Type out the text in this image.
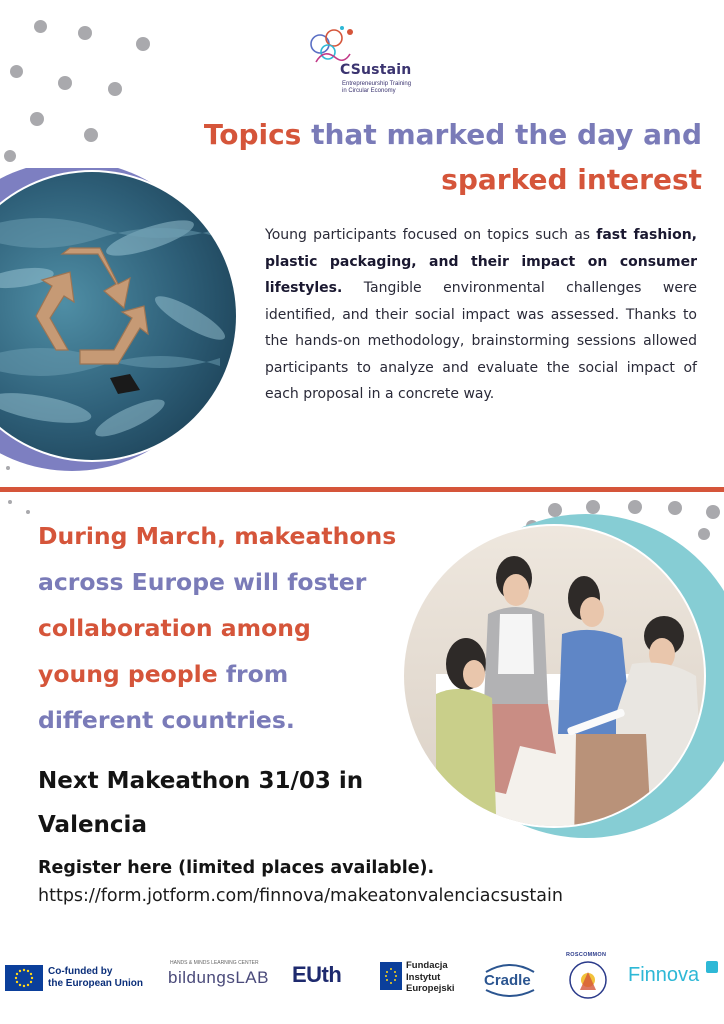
CSustain
Entrepreneurship Training
in Circular Economy
Topics that marked the day and
sparked interest
Young participants focused on topics such as fast fashion, plastic packaging, and their impact on consumer lifestyles. Tangible environmental challenges were identified, and their social impact was assessed. Thanks to the hands-on methodology, brainstorming sessions allowed participants to analyze and evaluate the social impact of each proposal in a concrete way.
During March, makeathons
across Europe will foster
collaboration among
young people from
different countries.
Next Makeathon 31/03 in
Valencia
Register here (limited places available).
https://form.jotform.com/finnova/makeatonvalenciacsustain
Co-funded by
the European Union
HANDS & MINDS LEARNING CENTER
bildungsLAB EUth	Fundacja
Instytut
Europejski Cradle
ROSCOMMON
Finnova
